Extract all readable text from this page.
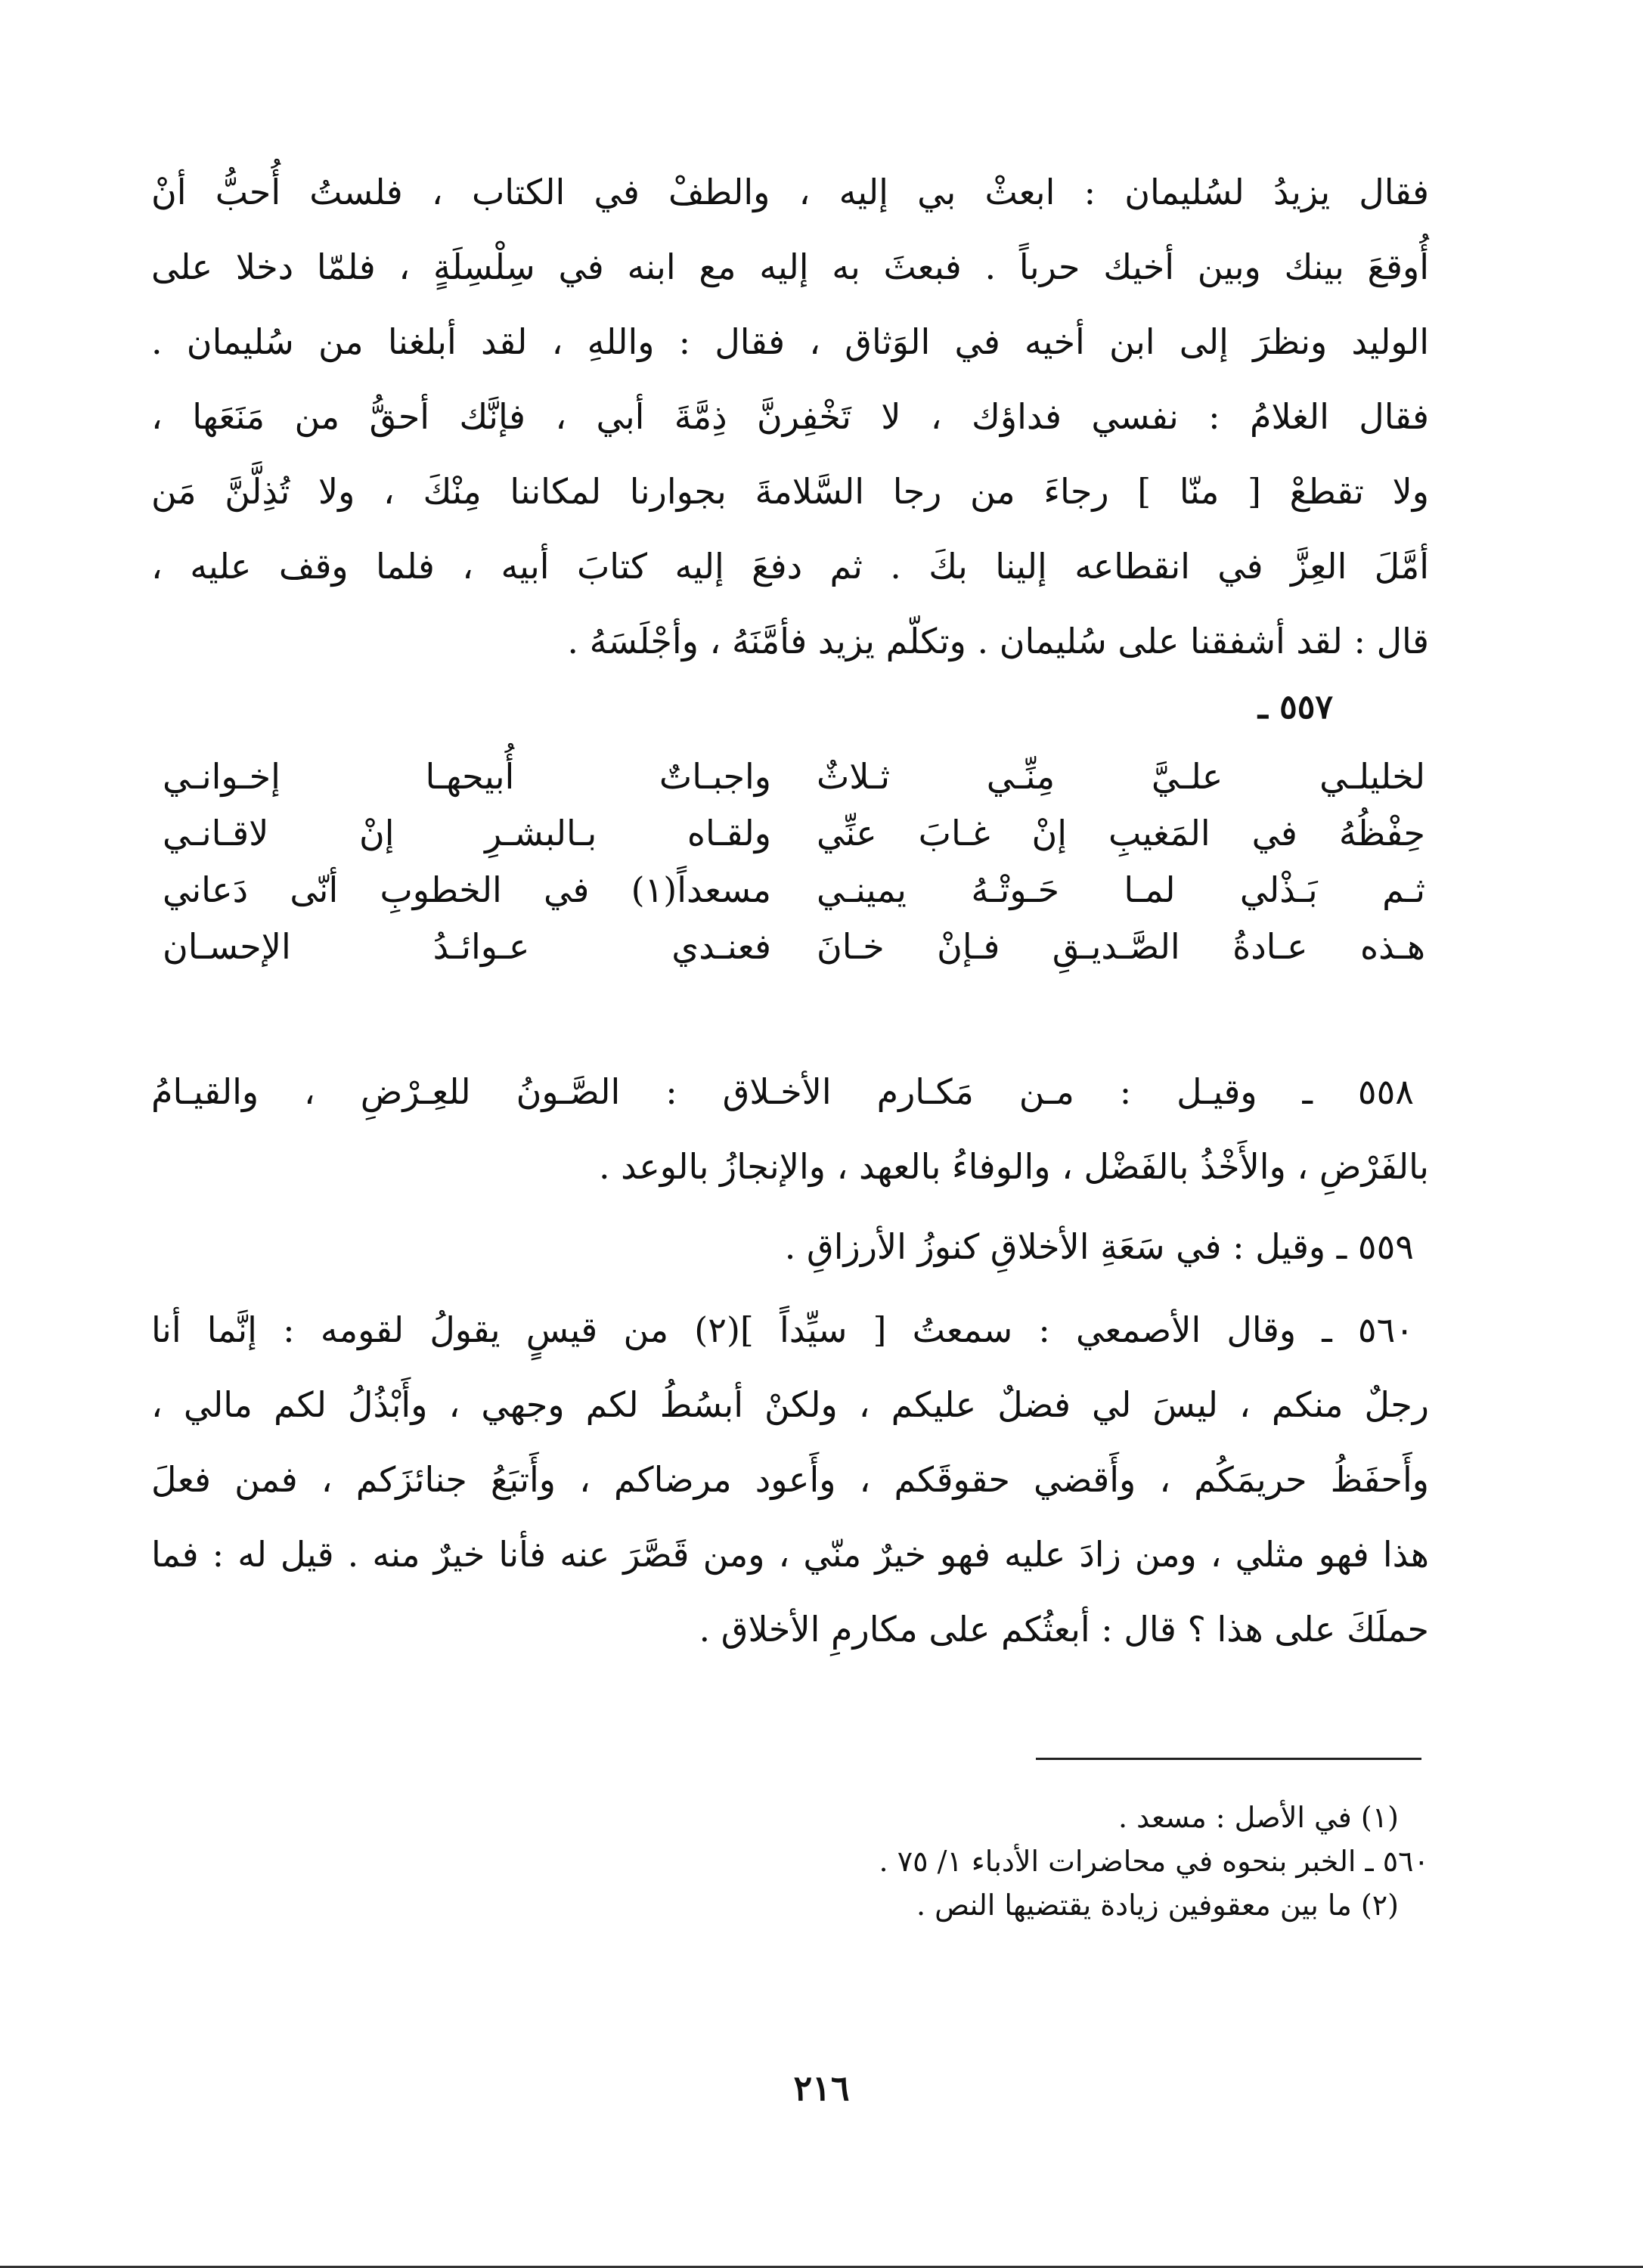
فقال يزيدُ لسُليمان : ابعثْ بي إليه ، والطفْ في الكتاب ، فلستُ أُحبُّ أنْ
أُوقعَ بينك وبين أخيك حرباً . فبعثَ به إليه مع ابنه في سِلْسِلَةٍ ، فلمّا دخلا على
الوليد ونظرَ إلى ابن أخيه في الوَثاق ، فقال : واللهِ ، لقد أبلغنا من سُليمان .
فقال الغلامُ : نفسي فداؤك ، لا تَخْفِرنَّ ذِمَّةَ أبي ، فإنَّك أحقُّ من مَنَعَها ،
ولا تقطعْ [ منّا ] رجاءَ من رجا السَّلامةَ بجوارنا لمكاننا مِنْكَ ، ولا تُذِلَّنَّ مَن
أمَّلَ العِزَّ في انقطاعه إلينا بكَ . ثم دفعَ إليه كتابَ أبيه ، فلما وقف عليه ،
قال : لقد أشفقنا على سُليمان . وتكلّم يزيد فأمَّنَهُ ، وأجْلَسَهُ .
٥٥٧ ـ
لخليلـي علـيَّ مِنِّـي ثـلاثٌ
واجبـاتٌ أُبيحهـا إخـوانـي
حِفْظُهُ في المَغيبِ إنْ غـابَ عنِّي
ولقـاه بـالبشـرِ إنْ لاقـانـي
ثـم بَـذْلي لمـا حَـوتْـهُ يمينـي
مسعداً(١) في الخطوبِ أنّى دَعاني
هـذه عـادةُ الصَّـديـقِ فـإنْ خـانَ
فعنـدي عـوائـدُ الإحسـان
٥٥٨ ـ وقيـل : مـن مَكـارم الأخـلاق : الصَّـونُ للعِـرْضِ ، والقيـامُ
بالفَرْضِ ، والأَخْذُ بالفَضْل ، والوفاءُ بالعهد ، والإنجازُ بالوعد .
٥٥٩ ـ وقيل : في سَعَةِ الأخلاقِ كنوزُ الأرزاقِ .
٥٦٠ ـ وقال الأصمعي : سمعتُ [ سيِّداً ](٢) من قيسٍ يقولُ لقومه : إنَّما أنا
رجلٌ منكم ، ليسَ لي فضلٌ عليكم ، ولكنْ أبسُطُ لكم وجهي ، وأَبْذُلُ لكم مالي ،
وأَحفَظُ حريمَكُم ، وأَقضي حقوقَكم ، وأَعود مرضاكم ، وأَتبَعُ جنائزَكم ، فمن فعلَ
هذا فهو مثلي ، ومن زادَ عليه فهو خيرٌ منّي ، ومن قَصَّرَ عنه فأنا خيرٌ منه . قيل له : فما
حملَكَ على هذا ؟ قال : أبعثُكم على مكارمِ الأخلاق .
(١) في الأصل : مسعد .
٥٦٠ ـ الخبر بنحوه في محاضرات الأدباء ١/ ٧٥ .
(٢) ما بين معقوفين زيادة يقتضيها النص .
٢١٦
